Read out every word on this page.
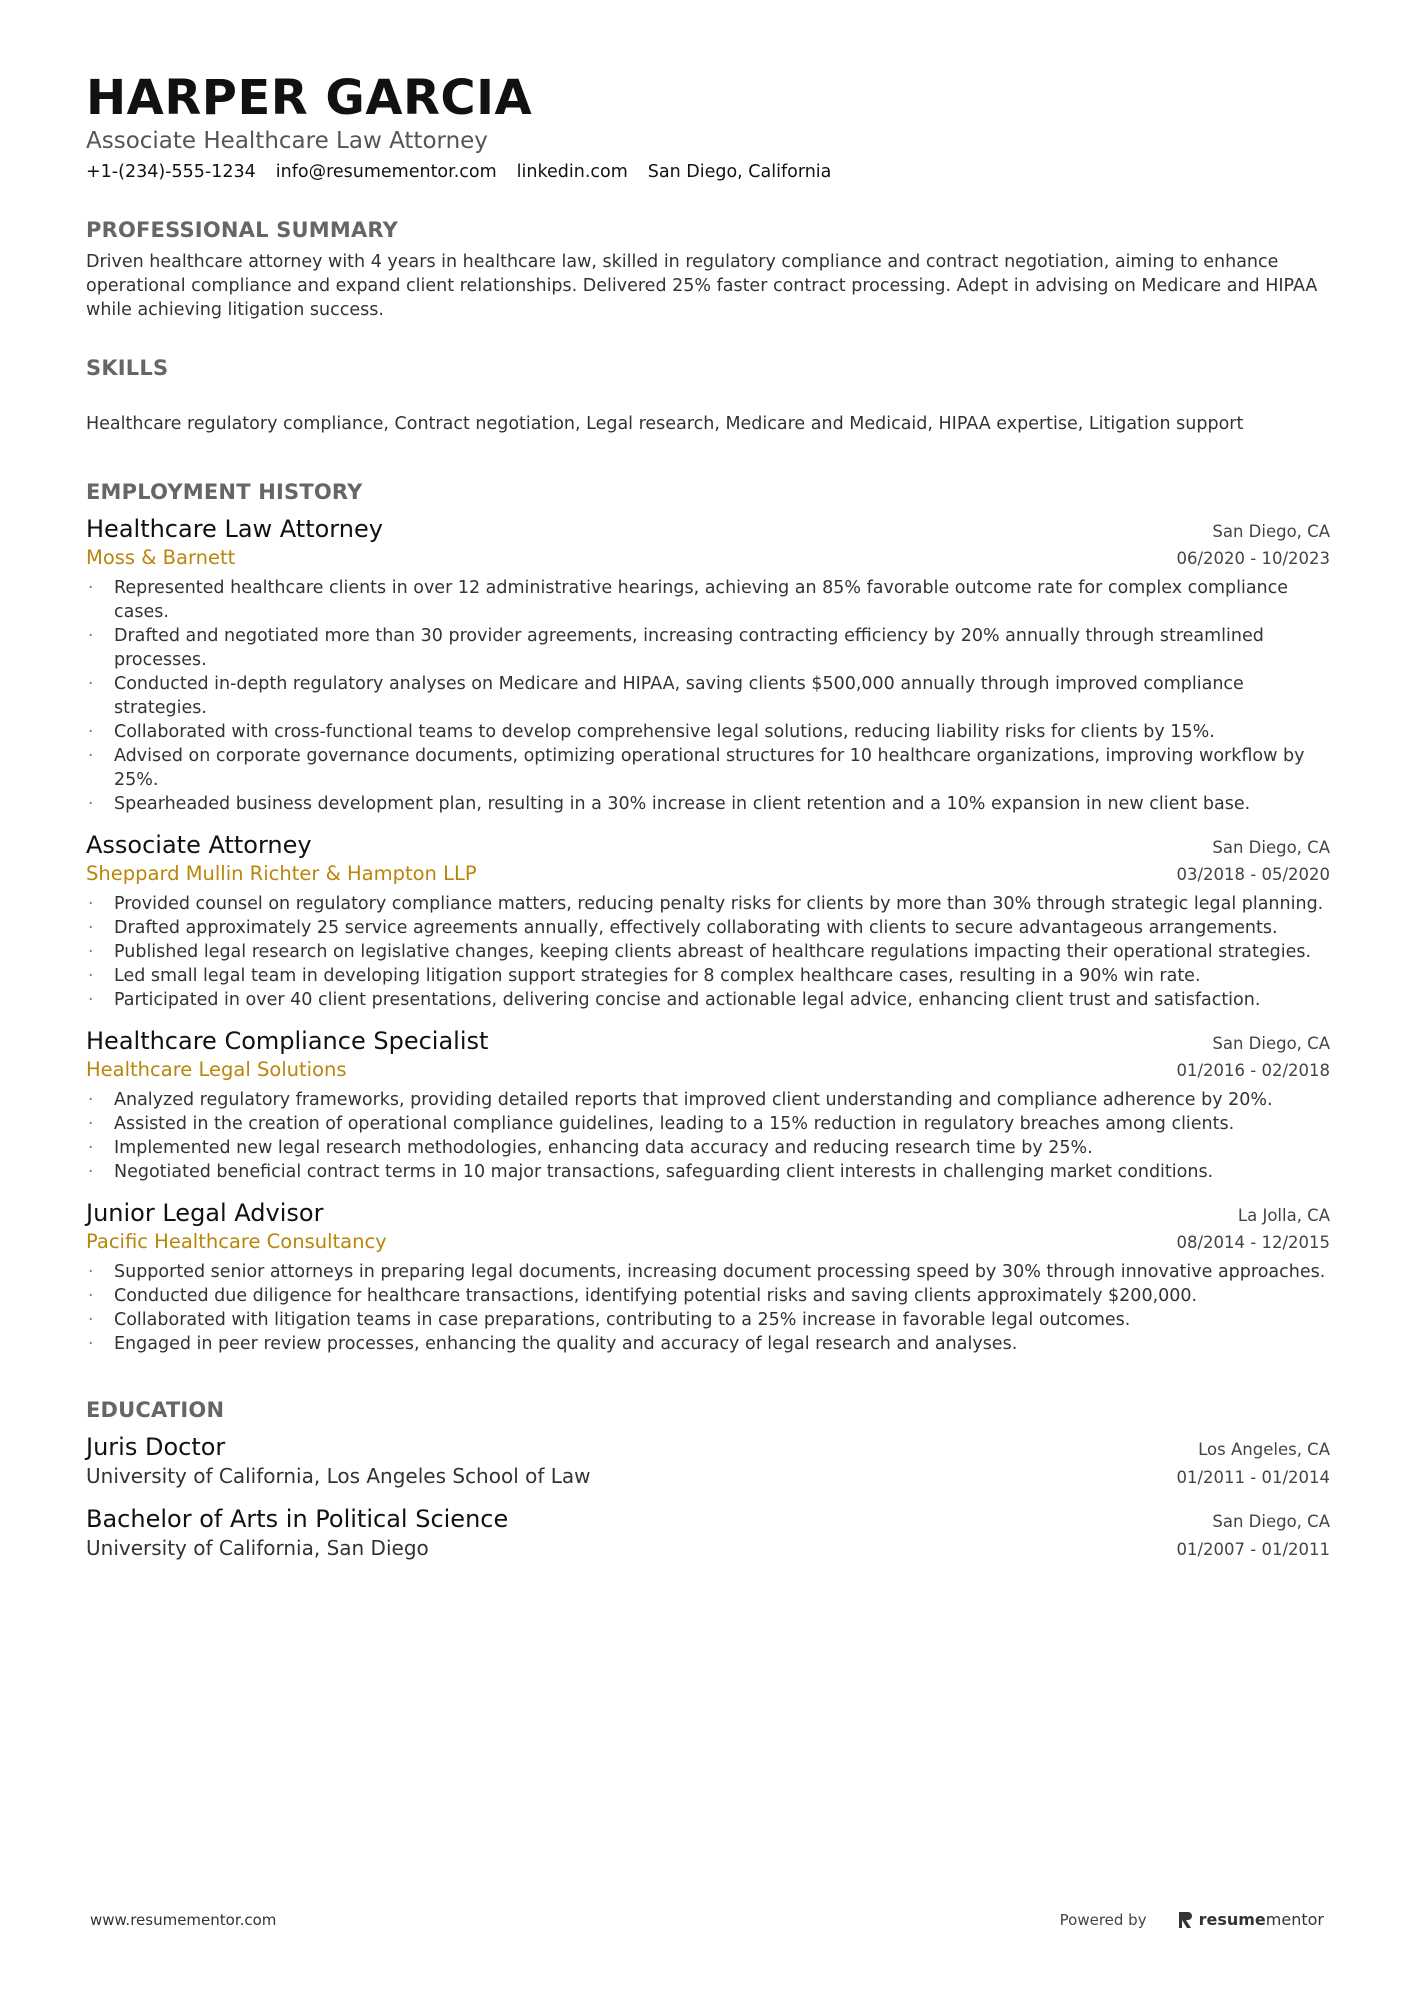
HARPER GARCIA
Associate Healthcare Law Attorney
+1-(234)-555-1234 info@resumementor.com linkedin.com San Diego, California
PROFESSIONAL SUMMARY
Driven healthcare attorney with 4 years in healthcare law, skilled in regulatory compliance and contract negotiation, aiming to enhance operational compliance and expand client relationships. Delivered 25% faster contract processing. Adept in advising on Medicare and HIPAA while achieving litigation success.
SKILLS
Healthcare regulatory compliance, Contract negotiation, Legal research, Medicare and Medicaid, HIPAA expertise, Litigation support
EMPLOYMENT HISTORY
Healthcare Law Attorney	San Diego, CA
Moss & Barnett	06/2020 - 10/2023
· Represented healthcare clients in over 12 administrative hearings, achieving an 85% favorable outcome rate for complex compliance cases.
· Drafted and negotiated more than 30 provider agreements, increasing contracting efficiency by 20% annually through streamlined processes.
· Conducted in-depth regulatory analyses on Medicare and HIPAA, saving clients $500,000 annually through improved compliance strategies.
· Collaborated with cross-functional teams to develop comprehensive legal solutions, reducing liability risks for clients by 15%.
· Advised on corporate governance documents, optimizing operational structures for 10 healthcare organizations, improving workflow by 25%.
· Spearheaded business development plan, resulting in a 30% increase in client retention and a 10% expansion in new client base.
Associate Attorney	San Diego, CA
Sheppard Mullin Richter & Hampton LLP	03/2018 - 05/2020
· Provided counsel on regulatory compliance matters, reducing penalty risks for clients by more than 30% through strategic legal planning.
· Drafted approximately 25 service agreements annually, effectively collaborating with clients to secure advantageous arrangements.
· Published legal research on legislative changes, keeping clients abreast of healthcare regulations impacting their operational strategies.
· Led small legal team in developing litigation support strategies for 8 complex healthcare cases, resulting in a 90% win rate.
· Participated in over 40 client presentations, delivering concise and actionable legal advice, enhancing client trust and satisfaction.
Healthcare Compliance Specialist	San Diego, CA
Healthcare Legal Solutions	01/2016 - 02/2018
· Analyzed regulatory frameworks, providing detailed reports that improved client understanding and compliance adherence by 20%.
· Assisted in the creation of operational compliance guidelines, leading to a 15% reduction in regulatory breaches among clients.
· Implemented new legal research methodologies, enhancing data accuracy and reducing research time by 25%.
· Negotiated beneficial contract terms in 10 major transactions, safeguarding client interests in challenging market conditions.
Junior Legal Advisor	La Jolla, CA
Pacific Healthcare Consultancy	08/2014 - 12/2015
· Supported senior attorneys in preparing legal documents, increasing document processing speed by 30% through innovative approaches.
· Conducted due diligence for healthcare transactions, identifying potential risks and saving clients approximately $200,000.
· Collaborated with litigation teams in case preparations, contributing to a 25% increase in favorable legal outcomes.
· Engaged in peer review processes, enhancing the quality and accuracy of legal research and analyses.
EDUCATION
Juris Doctor	Los Angeles, CA
University of California, Los Angeles School of Law	01/2011 - 01/2014
Bachelor of Arts in Political Science	San Diego, CA
University of California, San Diego	01/2007 - 01/2011
www.resumementor.com	Powered by	resumementor
